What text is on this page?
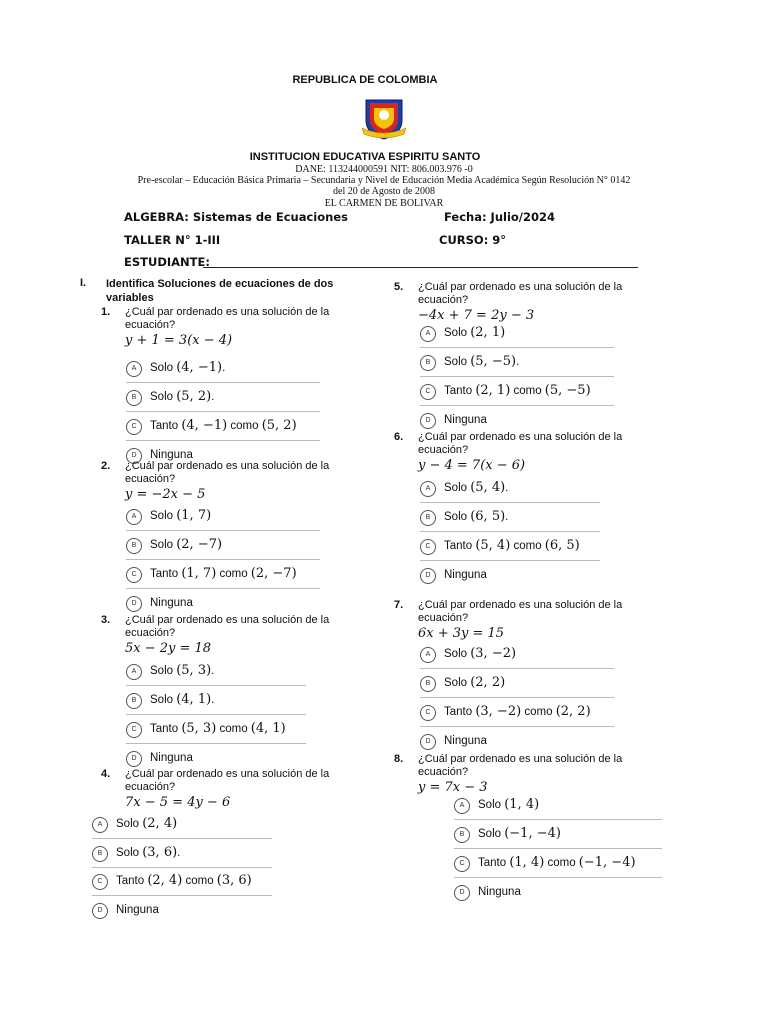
REPUBLICA DE COLOMBIA
INSTITUCION EDUCATIVA ESPIRITU SANTO
DANE: 113244000591 NIT: 806.003.976 -0
Pre-escolar – Educación Básica Primaria – Secundaria y Nivel de Educación Media Académica Según Resolución N° 0142
del 20 de Agosto de 2008
EL CARMEN DE BOLIVAR
ALGEBRA: Sistemas de Ecuaciones	Fecha: Julio/2024
TALLER N° 1-III	CURSO: 9°
ESTUDIANTE:
I. Identifica Soluciones de ecuaciones de dos variables
1. ¿Cuál par ordenado es una solución de la ecuación?
y + 1 = 3(x − 4)
A	Solo (4, −1).
B	Solo (5, 2).
C	Tanto (4, −1) como (5, 2)
D	Ninguna
2. ¿Cuál par ordenado es una solución de la ecuación?
y = −2x − 5
A	Solo (1, 7)
B	Solo (2, −7)
C	Tanto (1, 7) como (2, −7)
D	Ninguna
3. ¿Cuál par ordenado es una solución de la ecuación?
5x − 2y = 18
A	Solo (5, 3).
B	Solo (4, 1).
C	Tanto (5, 3) como (4, 1)
D	Ninguna
4. ¿Cuál par ordenado es una solución de la ecuación?
7x − 5 = 4y − 6
A	Solo (2, 4)
B	Solo (3, 6).
C	Tanto (2, 4) como (3, 6)
D	Ninguna
5. ¿Cuál par ordenado es una solución de la ecuación?
−4x + 7 = 2y − 3
A	Solo (2, 1)
B	Solo (5, −5).
C	Tanto (2, 1) como (5, −5)
D	Ninguna
6. ¿Cuál par ordenado es una solución de la ecuación?
y − 4 = 7(x − 6)
A	Solo (5, 4).
B	Solo (6, 5).
C	Tanto (5, 4) como (6, 5)
D	Ninguna
7. ¿Cuál par ordenado es una solución de la ecuación?
6x + 3y = 15
A	Solo (3, −2)
B	Solo (2, 2)
C	Tanto (3, −2) como (2, 2)
D	Ninguna
8. ¿Cuál par ordenado es una solución de la ecuación?
y = 7x − 3
A	Solo (1, 4)
B	Solo (−1, −4)
C	Tanto (1, 4) como (−1, −4)
D	Ninguna
